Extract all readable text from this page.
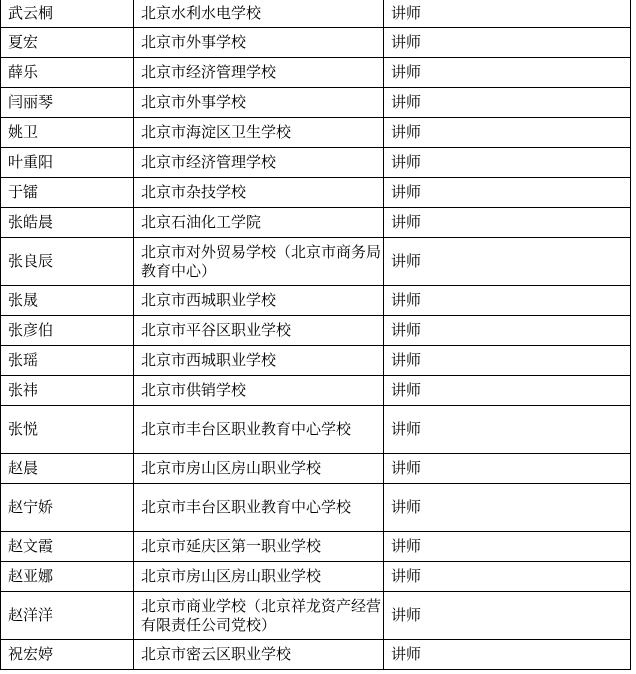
武云桐	北京水利水电学校	讲师
夏宏	北京市外事学校	讲师
薛乐	北京市经济管理学校	讲师
闫丽琴	北京市外事学校	讲师
姚卫	北京市海淀区卫生学校	讲师
叶重阳	北京市经济管理学校	讲师
于镭	北京市杂技学校	讲师
张皓晨	北京石油化工学院	讲师
张良辰	北京市对外贸易学校（北京市商务局教育中心）	讲师
张晟	北京市西城职业学校	讲师
张彦伯	北京市平谷区职业学校	讲师
张瑶	北京市西城职业学校	讲师
张祎	北京市供销学校	讲师
张悦	北京市丰台区职业教育中心学校	讲师
赵晨	北京市房山区房山职业学校	讲师
赵宁娇	北京市丰台区职业教育中心学校	讲师
赵文霞	北京市延庆区第一职业学校	讲师
赵亚娜	北京市房山区房山职业学校	讲师
赵洋洋	北京市商业学校（北京祥龙资产经营有限责任公司党校）	讲师
祝宏婷	北京市密云区职业学校	讲师
